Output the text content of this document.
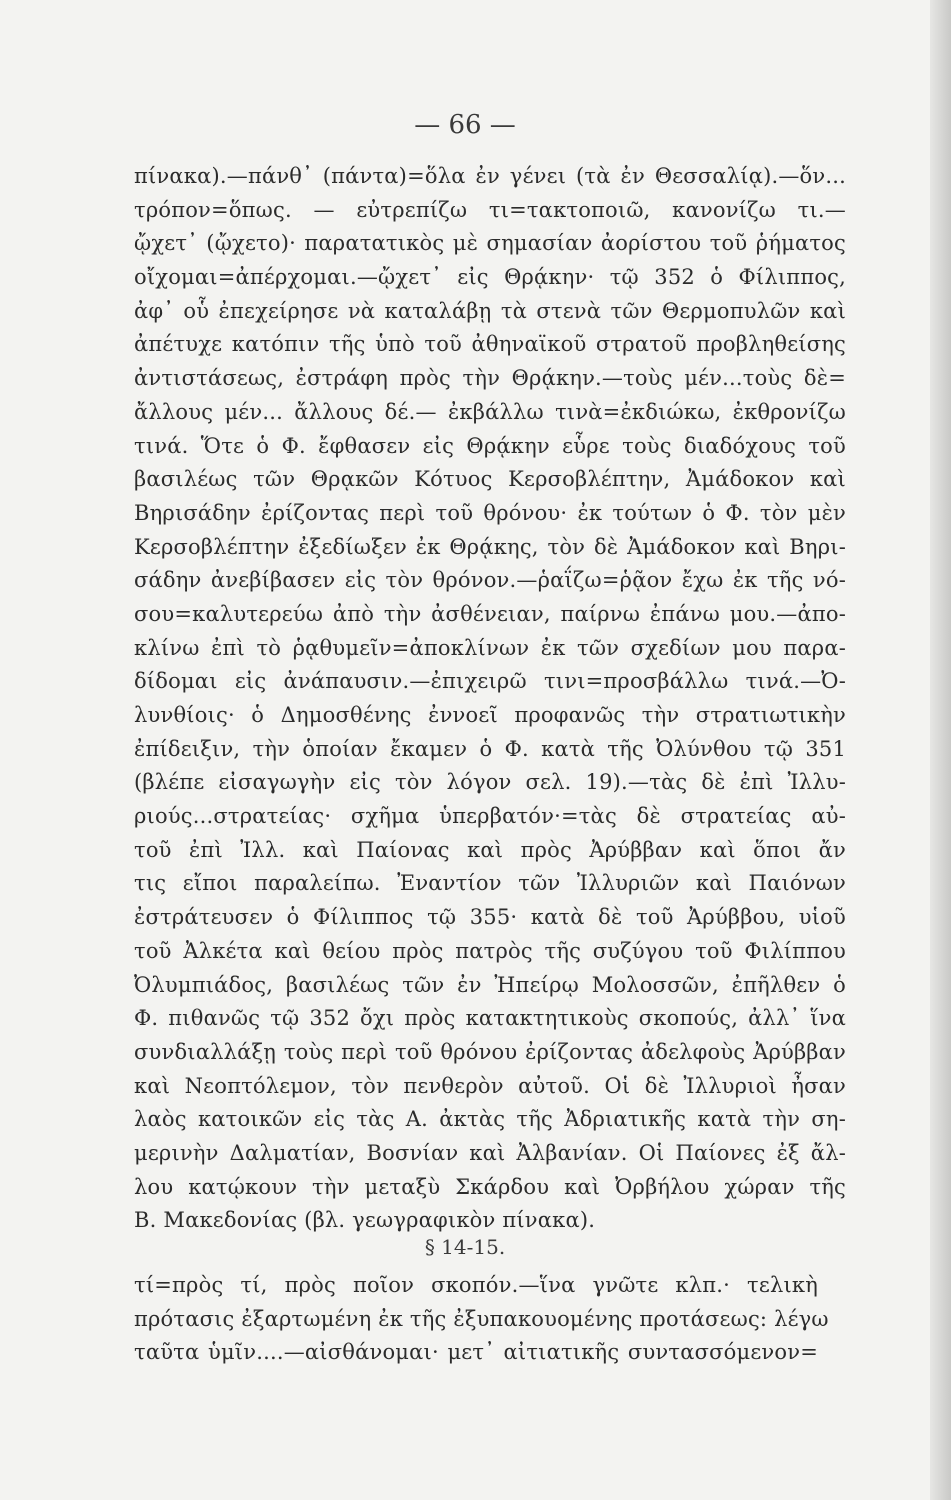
— 66 —
πίνακα).—πάνθ᾽ (πάντα)=ὅλα ἐν γένει (τὰ ἐν Θεσσαλίᾳ).—ὅν...
τρόπον=ὅπως. — εὐτρεπίζω τι=τακτοποιῶ, κανονίζω τι.—
ᾤχετ᾽ (ᾤχετο)· παρατατικὸς μὲ σημασίαν ἀορίστου τοῦ ῥήματος
οἴχομαι=ἀπέρχομαι.—ᾤχετ᾽ εἰς Θρᾴκην· τῷ 352 ὁ Φίλιππος,
ἀφ᾽ οὗ ἐπεχείρησε νὰ καταλάβῃ τὰ στενὰ τῶν Θερμοπυλῶν καὶ
ἀπέτυχε κατόπιν τῆς ὑπὸ τοῦ ἀθηναϊκοῦ στρατοῦ προβληθείσης
ἀντιστάσεως, ἐστράφη πρὸς τὴν Θρᾴκην.—τοὺς μέν...τοὺς δὲ=
ἄλλους μέν... ἄλλους δέ.— ἐκβάλλω τινὰ=ἐκδιώκω, ἐκθρονίζω
τινά. Ὅτε ὁ Φ. ἔφθασεν εἰς Θρᾴκην εὗρε τοὺς διαδόχους τοῦ
βασιλέως τῶν Θρᾳκῶν Κότυος Κερσοβλέπτην, Ἀμάδοκον καὶ
Βηρισάδην ἐρίζοντας περὶ τοῦ θρόνου· ἐκ τούτων ὁ Φ. τὸν μὲν
Κερσοβλέπτην ἐξεδίωξεν ἐκ Θρᾴκης, τὸν δὲ Ἀμάδοκον καὶ Βηρι-
σάδην ἀνεβίβασεν εἰς τὸν θρόνον.—ῥαΐζω=ῥᾷον ἔχω ἐκ τῆς νό-
σου=καλυτερεύω ἀπὸ τὴν ἀσθένειαν, παίρνω ἐπάνω μου.—ἀπο-
κλίνω ἐπὶ τὸ ῥᾳθυμεῖν=ἀποκλίνων ἐκ τῶν σχεδίων μου παρα-
δίδομαι εἰς ἀνάπαυσιν.—ἐπιχειρῶ τινι=προσβάλλω τινά.—Ὀ-
λυνθίοις· ὁ Δημοσθένης ἐννοεῖ προφανῶς τὴν στρατιωτικὴν
ἐπίδειξιν, τὴν ὁποίαν ἔκαμεν ὁ Φ. κατὰ τῆς Ὀλύνθου τῷ 351
(βλέπε εἰσαγωγὴν εἰς τὸν λόγον σελ. 19).—τὰς δὲ ἐπὶ Ἰλλυ-
ριούς...στρατείας· σχῆμα ὑπερβατόν·=τὰς δὲ στρατείας αὐ-
τοῦ ἐπὶ Ἰλλ. καὶ Παίονας καὶ πρὸς Ἀρύββαν καὶ ὅποι ἄν
τις εἴποι παραλείπω. Ἐναντίον τῶν Ἰλλυριῶν καὶ Παιόνων
ἐστράτευσεν ὁ Φίλιππος τῷ 355· κατὰ δὲ τοῦ Ἀρύββου, υἱοῦ
τοῦ Ἀλκέτα καὶ θείου πρὸς πατρὸς τῆς συζύγου τοῦ Φιλίππου
Ὀλυμπιάδος, βασιλέως τῶν ἐν Ἠπείρῳ Μολοσσῶν, ἐπῆλθεν ὁ
Φ. πιθανῶς τῷ 352 ὄχι πρὸς κατακτητικοὺς σκοπούς, ἀλλ᾽ ἵνα
συνδιαλλάξῃ τοὺς περὶ τοῦ θρόνου ἐρίζοντας ἀδελφοὺς Ἀρύββαν
καὶ Νεοπτόλεμον, τὸν πενθερὸν αὐτοῦ. Οἱ δὲ Ἰλλυριοὶ ἦσαν
λαὸς κατοικῶν εἰς τὰς Α. ἀκτὰς τῆς Ἀδριατικῆς κατὰ τὴν ση-
μερινὴν Δαλματίαν, Βοσνίαν καὶ Ἀλβανίαν. Οἱ Παίονες ἐξ ἄλ-
λου κατῴκουν τὴν μεταξὺ Σκάρδου καὶ Ὀρβήλου χώραν τῆς
Β. Μακεδονίας (βλ. γεωγραφικὸν πίνακα).
§ 14-15.
τί=πρὸς τί, πρὸς ποῖον σκοπόν.—ἵνα γνῶτε κλπ.· τελικὴ
πρότασις ἐξαρτωμένη ἐκ τῆς ἐξυπακουομένης προτάσεως: λέγω
ταῦτα ὑμῖν....—αἰσθάνομαι· μετ᾽ αἰτιατικῆς συντασσόμενον=
